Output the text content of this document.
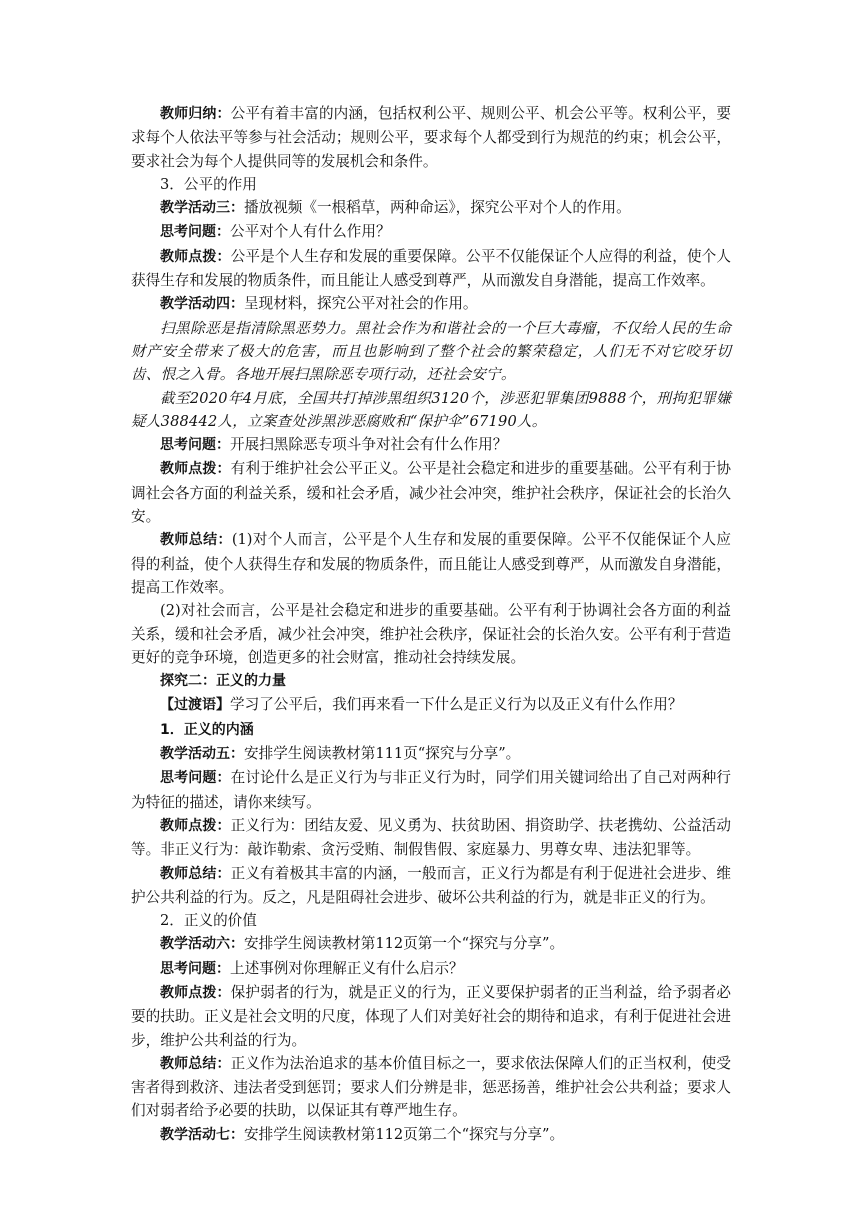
教师归纳：公平有着丰富的内涵，包括权利公平、规则公平、机会公平等。权利公平，要求每个人依法平等参与社会活动；规则公平，要求每个人都受到行为规范的约束；机会公平，要求社会为每个人提供同等的发展机会和条件。

3．公平的作用

教学活动三：播放视频《一根稻草，两种命运》，探究公平对个人的作用。

思考问题：公平对个人有什么作用？

教师点拨：公平是个人生存和发展的重要保障。公平不仅能保证个人应得的利益，使个人获得生存和发展的物质条件，而且能让人感受到尊严，从而激发自身潜能，提高工作效率。

教学活动四：呈现材料，探究公平对社会的作用。

扫黑除恶是指清除黑恶势力。黑社会作为和谐社会的一个巨大毒瘤，不仅给人民的生命财产安全带来了极大的危害，而且也影响到了整个社会的繁荣稳定，人们无不对它咬牙切齿、恨之入骨。各地开展扫黑除恶专项行动，还社会安宁。

截至2020年4月底，全国共打掉涉黑组织3120个，涉恶犯罪集团9888个，刑拘犯罪嫌疑人388442人，立案查处涉黑涉恶腐败和“保护伞”67190人。

思考问题：开展扫黑除恶专项斗争对社会有什么作用？

教师点拨：有利于维护社会公平正义。公平是社会稳定和进步的重要基础。公平有利于协调社会各方面的利益关系，缓和社会矛盾，减少社会冲突，维护社会秩序，保证社会的长治久安。

教师总结：(1)对个人而言，公平是个人生存和发展的重要保障。公平不仅能保证个人应得的利益，使个人获得生存和发展的物质条件，而且能让人感受到尊严，从而激发自身潜能，提高工作效率。

(2)对社会而言，公平是社会稳定和进步的重要基础。公平有利于协调社会各方面的利益关系，缓和社会矛盾，减少社会冲突，维护社会秩序，保证社会的长治久安。公平有利于营造更好的竞争环境，创造更多的社会财富，推动社会持续发展。

探究二：正义的力量

【过渡语】学习了公平后，我们再来看一下什么是正义行为以及正义有什么作用？

1．正义的内涵

教学活动五：安排学生阅读教材第111页“探究与分享”。

思考问题：在讨论什么是正义行为与非正义行为时，同学们用关键词给出了自己对两种行为特征的描述，请你来续写。

教师点拨：正义行为：团结友爱、见义勇为、扶贫助困、捐资助学、扶老携幼、公益活动等。非正义行为：敲诈勒索、贪污受贿、制假售假、家庭暴力、男尊女卑、违法犯罪等。

教师总结：正义有着极其丰富的内涵，一般而言，正义行为都是有利于促进社会进步、维护公共利益的行为。反之，凡是阻碍社会进步、破坏公共利益的行为，就是非正义的行为。

2．正义的价值

教学活动六：安排学生阅读教材第112页第一个“探究与分享”。

思考问题：上述事例对你理解正义有什么启示？

教师点拨：保护弱者的行为，就是正义的行为，正义要保护弱者的正当利益，给予弱者必要的扶助。正义是社会文明的尺度，体现了人们对美好社会的期待和追求，有利于促进社会进步，维护公共利益的行为。

教师总结：正义作为法治追求的基本价值目标之一，要求依法保障人们的正当权利，使受害者得到救济、违法者受到惩罚；要求人们分辨是非，惩恶扬善，维护社会公共利益；要求人们对弱者给予必要的扶助，以保证其有尊严地生存。

教学活动七：安排学生阅读教材第112页第二个“探究与分享”。
